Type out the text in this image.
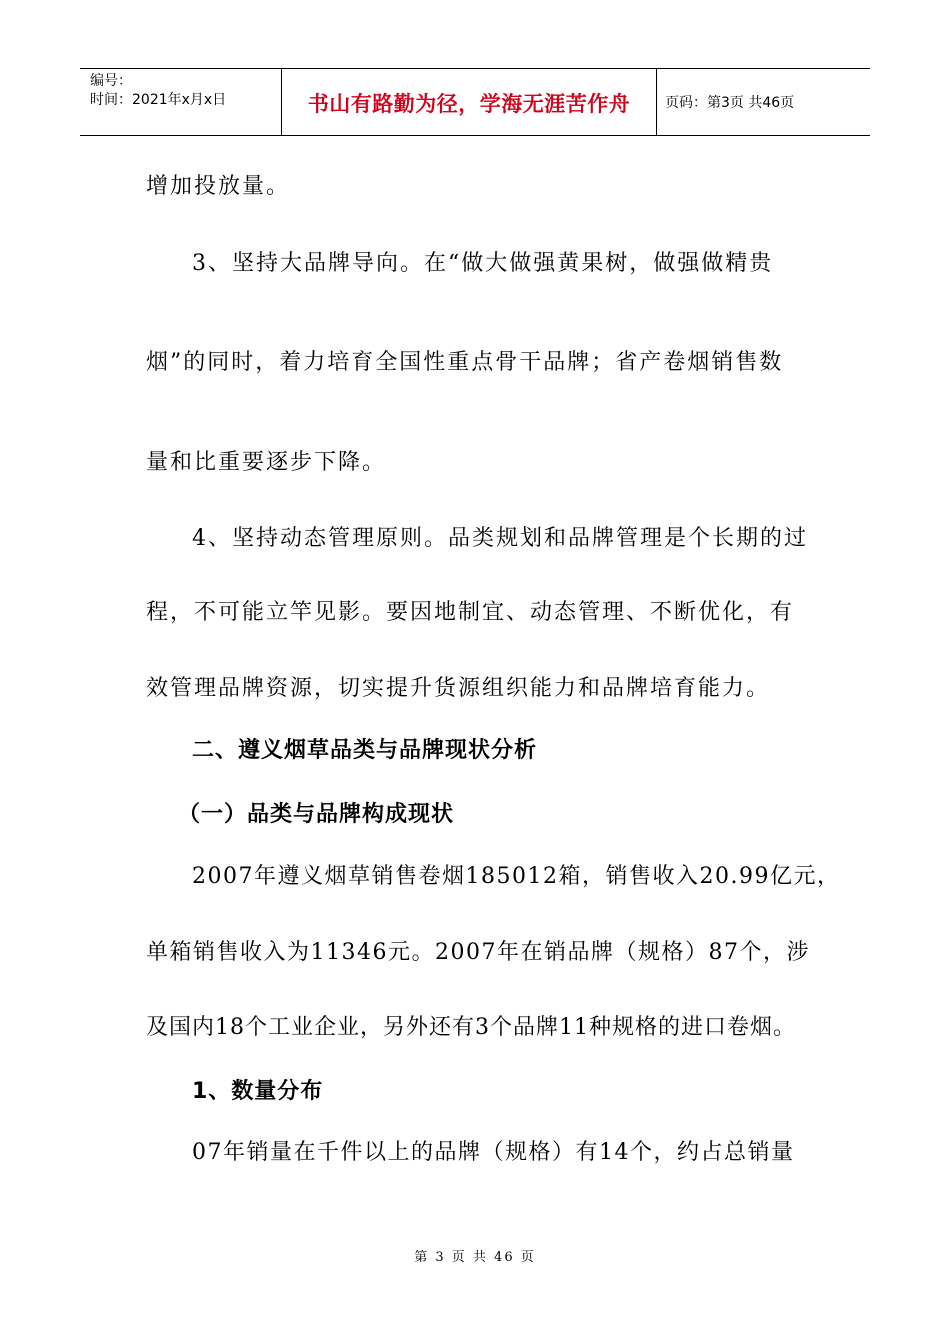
编号：
时间：2021年x月x日	书山有路勤为径，学海无涯苦作舟 页码：第3页 共46页
增加投放量。
3、坚持大品牌导向。在“做大做强黄果树，做强做精贵
烟”的同时，着力培育全国性重点骨干品牌；省产卷烟销售数
量和比重要逐步下降。
4、坚持动态管理原则。品类规划和品牌管理是个长期的过
程，不可能立竿见影。要因地制宜、动态管理、不断优化，有
效管理品牌资源，切实提升货源组织能力和品牌培育能力。
二、遵义烟草品类与品牌现状分析
（一）品类与品牌构成现状
2007年遵义烟草销售卷烟185012箱，销售收入20.99亿元，
单箱销售收入为11346元。2007年在销品牌（规格）87个，涉
及国内18个工业企业，另外还有3个品牌11种规格的进口卷烟。
1、数量分布
07年销量在千件以上的品牌（规格）有14个，约占总销量
第 3 页 共 46 页
